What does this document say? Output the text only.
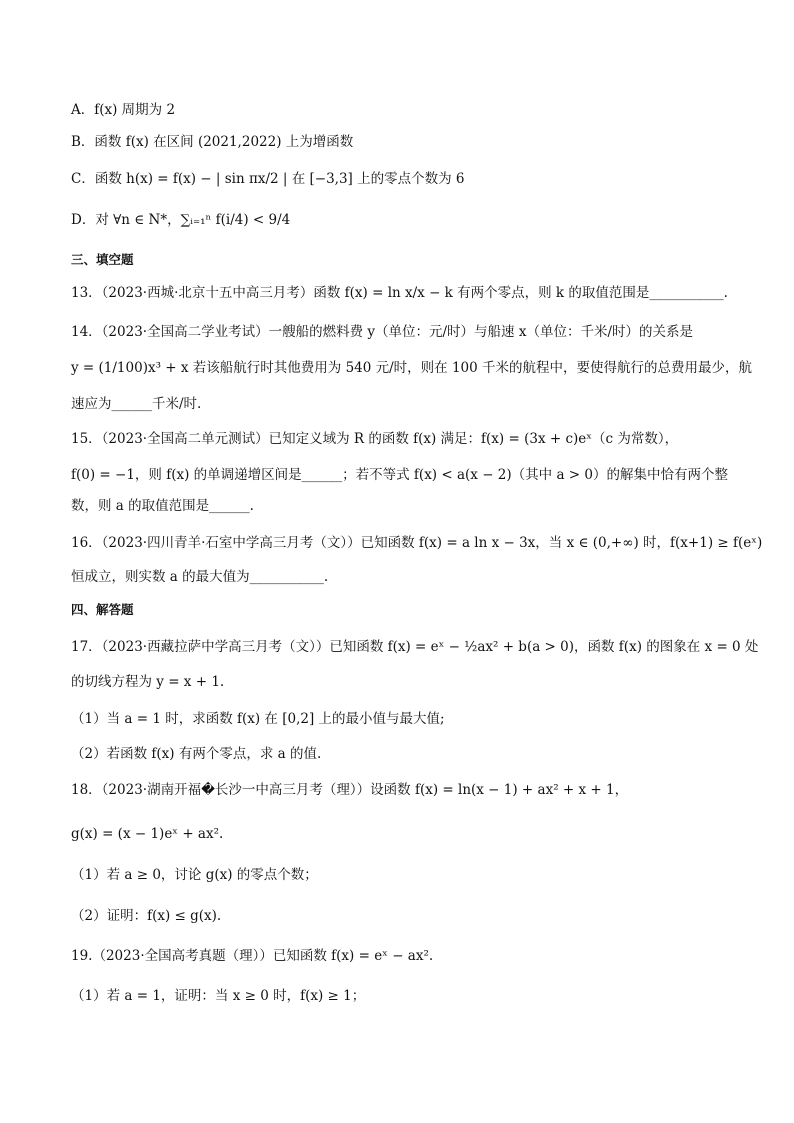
A．f(x) 周期为 2
B．函数 f(x) 在区间 (2021,2022) 上为增函数
C．函数 h(x) = f(x) − | sin πx/2 | 在 [−3,3] 上的零点个数为 6
D．对 ∀n ∈ N*，∑ᵢ₌₁ⁿ f(i/4) < 9/4
三、填空题
13．（2023·西城·北京十五中高三月考）函数 f(x) = ln x/x − k 有两个零点，则 k 的取值范围是___________.
14．（2023·全国高二学业考试）一艘船的燃料费 y（单位：元/时）与船速 x（单位：千米/时）的关系是
y = (1/100)x³ + x 若该船航行时其他费用为 540 元/时，则在 100 千米的航程中，要使得航行的总费用最少，航
速应为______千米/时.
15．（2023·全国高二单元测试）已知定义域为 R 的函数 f(x) 满足：f(x) = (3x + c)eˣ（c 为常数），
f(0) = −1，则 f(x) 的单调递增区间是______；若不等式 f(x) < a(x − 2)（其中 a > 0）的解集中恰有两个整
数，则 a 的取值范围是______.
16．（2023·四川青羊·石室中学高三月考（文））已知函数 f(x) = a ln x − 3x，当 x ∈ (0,+∞) 时，f(x+1) ≥ f(eˣ)
恒成立，则实数 a 的最大值为___________.
四、解答题
17．（2023·西藏拉萨中学高三月考（文））已知函数 f(x) = eˣ − ½ax² + b(a > 0)，函数 f(x) 的图象在 x = 0 处
的切线方程为 y = x + 1.
（1）当 a = 1 时，求函数 f(x) 在 [0,2] 上的最小值与最大值;
（2）若函数 f(x) 有两个零点，求 a 的值.
18．（2023·湖南开福�长沙一中高三月考（理））设函数 f(x) = ln(x − 1) + ax² + x + 1，
g(x) = (x − 1)eˣ + ax².
（1）若 a ≥ 0，讨论 g(x) 的零点个数；
（2）证明：f(x) ≤ g(x).
19.（2023·全国高考真题（理））已知函数 f(x) = eˣ − ax².
（1）若 a = 1，证明：当 x ≥ 0 时，f(x) ≥ 1；
